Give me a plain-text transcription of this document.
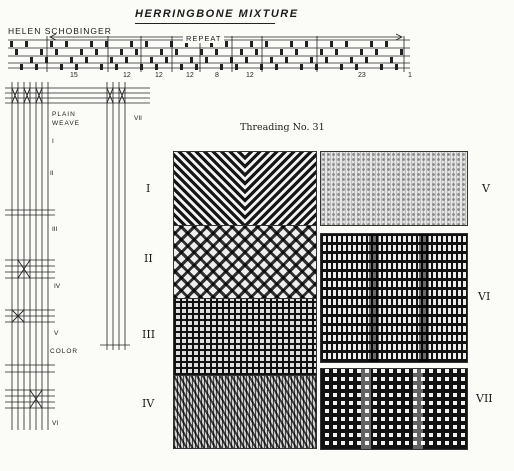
HERRINGBONE MIXTURE
HELEN SCHOBINGER
REPEAT
15	12	12	12	8	12	23	1
PLAIN WEAVE
COLOR
I
II
III
IV
V
VI
VII
Threading No. 31
I
II
III
IV
V
VI
VII
